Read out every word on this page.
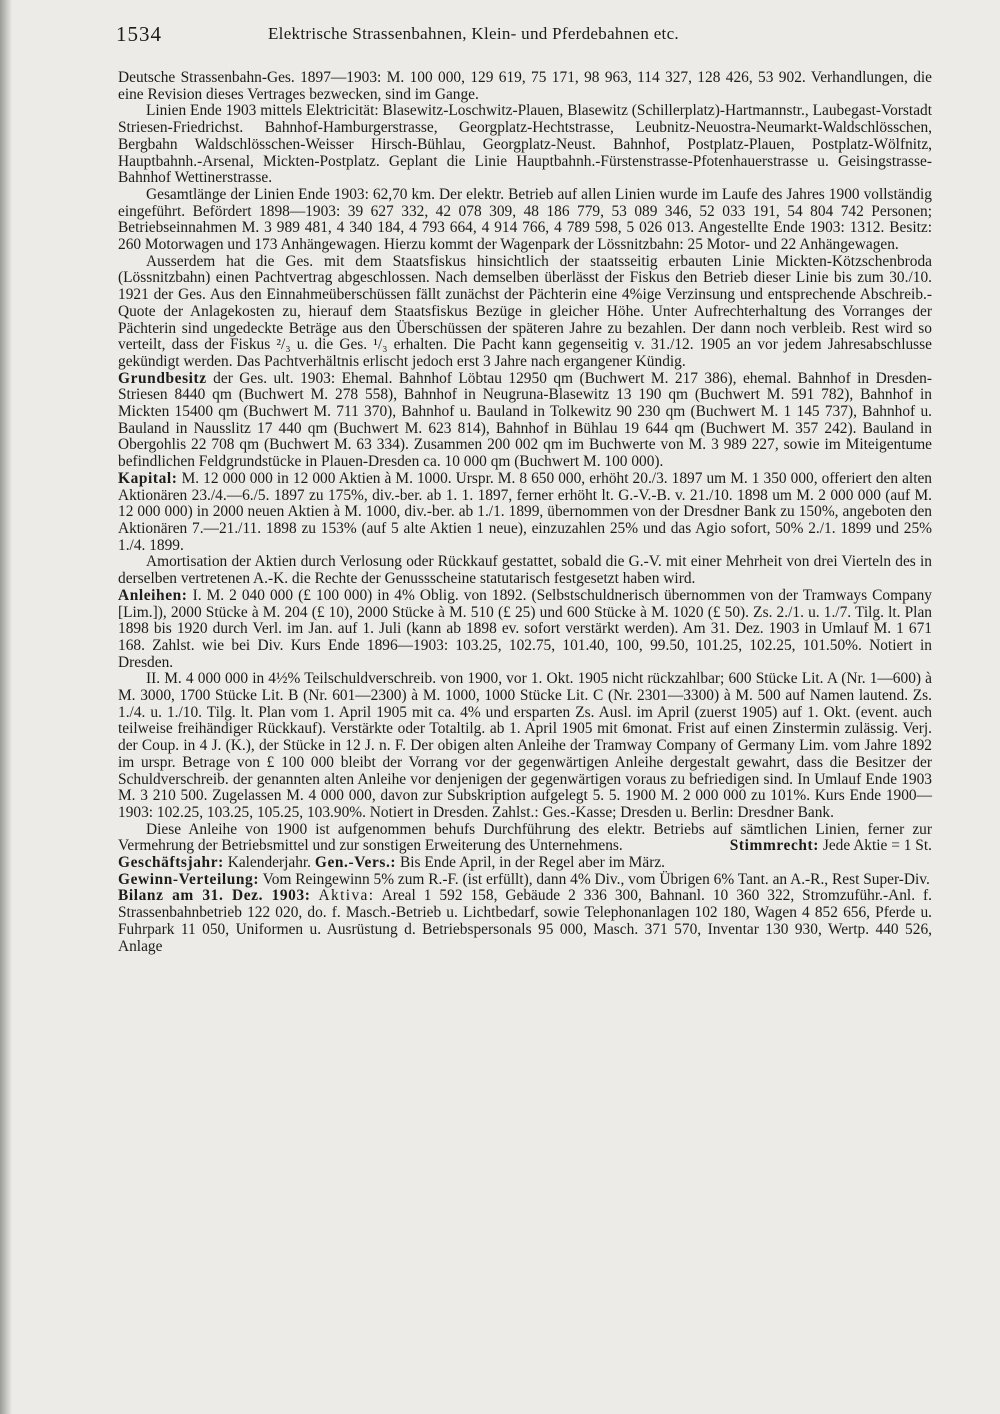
1534	Elektrische Strassenbahnen, Klein- und Pferdebahnen etc.

Deutsche Strassenbahn-Ges. 1897—1903: M. 100 000, 129 619, 75 171, 98 963, 114 327, 128 426, 53 902. Verhandlungen, die eine Revision dieses Vertrages bezwecken, sind im Gange.

Linien Ende 1903 mittels Elektricität: Blasewitz-Loschwitz-Plauen, Blasewitz (Schillerplatz)-Hartmannstr., Laubegast-Vorstadt Striesen-Friedrichst. Bahnhof-Hamburgerstrasse, Georgplatz-Hechtstrasse, Leubnitz-Neuostra-Neumarkt-Waldschlösschen, Bergbahn Waldschlösschen-Weisser Hirsch-Bühlau, Georgplatz-Neust. Bahnhof, Postplatz-Plauen, Postplatz-Wölfnitz, Hauptbahnh.-Arsenal, Mickten-Postplatz. Geplant die Linie Hauptbahnh.-Fürstenstrasse-Pfotenhauerstrasse u. Geisingstrasse-Bahnhof Wettinerstrasse.

Gesamtlänge der Linien Ende 1903: 62,70 km. Der elektr. Betrieb auf allen Linien wurde im Laufe des Jahres 1900 vollständig eingeführt. Befördert 1898—1903: 39 627 332, 42 078 309, 48 186 779, 53 089 346, 52 033 191, 54 804 742 Personen; Betriebseinnahmen M. 3 989 481, 4 340 184, 4 793 664, 4 914 766, 4 789 598, 5 026 013. Angestellte Ende 1903: 1312. Besitz: 260 Motorwagen und 173 Anhängewagen. Hierzu kommt der Wagenpark der Lössnitzbahn: 25 Motor- und 22 Anhängewagen.

Ausserdem hat die Ges. mit dem Staatsfiskus hinsichtlich der staatsseitig erbauten Linie Mickten-Kötzschenbroda (Lössnitzbahn) einen Pachtvertrag abgeschlossen. Nach demselben überlässt der Fiskus den Betrieb dieser Linie bis zum 30./10. 1921 der Ges. Aus den Einnahmeüberschüssen fällt zunächst der Pächterin eine 4%ige Verzinsung und entsprechende Abschreib.-Quote der Anlagekosten zu, hierauf dem Staatsfiskus Bezüge in gleicher Höhe. Unter Aufrechterhaltung des Vorranges der Pächterin sind ungedeckte Beträge aus den Überschüssen der späteren Jahre zu bezahlen. Der dann noch verbleib. Rest wird so verteilt, dass der Fiskus ²/₃ u. die Ges. ¹/₃ erhalten. Die Pacht kann gegenseitig v. 31./12. 1905 an vor jedem Jahresabschlusse gekündigt werden. Das Pachtverhältnis erlischt jedoch erst 3 Jahre nach ergangener Kündig.

Grundbesitz der Ges. ult. 1903: Ehemal. Bahnhof Löbtau 12950 qm (Buchwert M. 217 386), ehemal. Bahnhof in Dresden-Striesen 8440 qm (Buchwert M. 278 558), Bahnhof in Neugruna-Blasewitz 13 190 qm (Buchwert M. 591 782), Bahnhof in Mickten 15400 qm (Buchwert M. 711 370), Bahnhof u. Bauland in Tolkewitz 90 230 qm (Buchwert M. 1 145 737), Bahnhof u. Bauland in Nausslitz 17 440 qm (Buchwert M. 623 814), Bahnhof in Bühlau 19 644 qm (Buchwert M. 357 242). Bauland in Obergohlis 22 708 qm (Buchwert M. 63 334). Zusammen 200 002 qm im Buchwerte von M. 3 989 227, sowie im Miteigentume befindlichen Feldgrundstücke in Plauen-Dresden ca. 10 000 qm (Buchwert M. 100 000).

Kapital: M. 12 000 000 in 12 000 Aktien à M. 1000. Urspr. M. 8 650 000, erhöht 20./3. 1897 um M. 1 350 000, offeriert den alten Aktionären 23./4.—6./5. 1897 zu 175%, div.-ber. ab 1. 1. 1897, ferner erhöht lt. G.-V.-B. v. 21./10. 1898 um M. 2 000 000 (auf M. 12 000 000) in 2000 neuen Aktien à M. 1000, div.-ber. ab 1./1. 1899, übernommen von der Dresdner Bank zu 150%, angeboten den Aktionären 7.—21./11. 1898 zu 153% (auf 5 alte Aktien 1 neue), einzuzahlen 25% und das Agio sofort, 50% 2./1. 1899 und 25% 1./4. 1899.

Amortisation der Aktien durch Verlosung oder Rückkauf gestattet, sobald die G.-V. mit einer Mehrheit von drei Vierteln des in derselben vertretenen A.-K. die Rechte der Genussscheine statutarisch festgesetzt haben wird.

Anleihen: I. M. 2 040 000 (£ 100 000) in 4% Oblig. von 1892. (Selbstschuldnerisch übernommen von der Tramways Company [Lim.]), 2000 Stücke à M. 204 (£ 10), 2000 Stücke à M. 510 (£ 25) und 600 Stücke à M. 1020 (£ 50). Zs. 2./1. u. 1./7. Tilg. lt. Plan 1898 bis 1920 durch Verl. im Jan. auf 1. Juli (kann ab 1898 ev. sofort verstärkt werden). Am 31. Dez. 1903 in Umlauf M. 1 671 168. Zahlst. wie bei Div. Kurs Ende 1896—1903: 103.25, 102.75, 101.40, 100, 99.50, 101.25, 102.25, 101.50%. Notiert in Dresden.

II. M. 4 000 000 in 4½% Teilschuldverschreib. von 1900, vor 1. Okt. 1905 nicht rückzahlbar; 600 Stücke Lit. A (Nr. 1—600) à M. 3000, 1700 Stücke Lit. B (Nr. 601—2300) à M. 1000, 1000 Stücke Lit. C (Nr. 2301—3300) à M. 500 auf Namen lautend. Zs. 1./4. u. 1./10. Tilg. lt. Plan vom 1. April 1905 mit ca. 4% und ersparten Zs. Ausl. im April (zuerst 1905) auf 1. Okt. (event. auch teilweise freihändiger Rückkauf). Verstärkte oder Totaltilg. ab 1. April 1905 mit 6monat. Frist auf einen Zinstermin zulässig. Verj. der Coup. in 4 J. (K.), der Stücke in 12 J. n. F. Der obigen alten Anleihe der Tramway Company of Germany Lim. vom Jahre 1892 im urspr. Betrage von £ 100 000 bleibt der Vorrang vor der gegenwärtigen Anleihe dergestalt gewahrt, dass die Besitzer der Schuldverschreib. der genannten alten Anleihe vor denjenigen der gegenwärtigen voraus zu befriedigen sind. In Umlauf Ende 1903 M. 3 210 500. Zugelassen M. 4 000 000, davon zur Subskription aufgelegt 5. 5. 1900 M. 2 000 000 zu 101%. Kurs Ende 1900—1903: 102.25, 103.25, 105.25, 103.90%. Notiert in Dresden. Zahlst.: Ges.-Kasse; Dresden u. Berlin: Dresdner Bank.

Diese Anleihe von 1900 ist aufgenommen behufs Durchführung des elektr. Betriebs auf sämtlichen Linien, ferner zur Vermehrung der Betriebsmittel und zur sonstigen Erweiterung des Unternehmens.	Stimmrecht: Jede Aktie = 1 St.

Geschäftsjahr: Kalenderjahr. Gen.-Vers.: Bis Ende April, in der Regel aber im März.

Gewinn-Verteilung: Vom Reingewinn 5% zum R.-F. (ist erfüllt), dann 4% Div., vom Übrigen 6% Tant. an A.-R., Rest Super-Div.

Bilanz am 31. Dez. 1903: Aktiva: Areal 1 592 158, Gebäude 2 336 300, Bahnanl. 10 360 322, Stromzuführ.-Anl. f. Strassenbahnbetrieb 122 020, do. f. Masch.-Betrieb u. Lichtbedarf, sowie Telephonanlagen 102 180, Wagen 4 852 656, Pferde u. Fuhrpark 11 050, Uniformen u. Ausrüstung d. Betriebspersonals 95 000, Masch. 371 570, Inventar 130 930, Wertp. 440 526, Anlage
